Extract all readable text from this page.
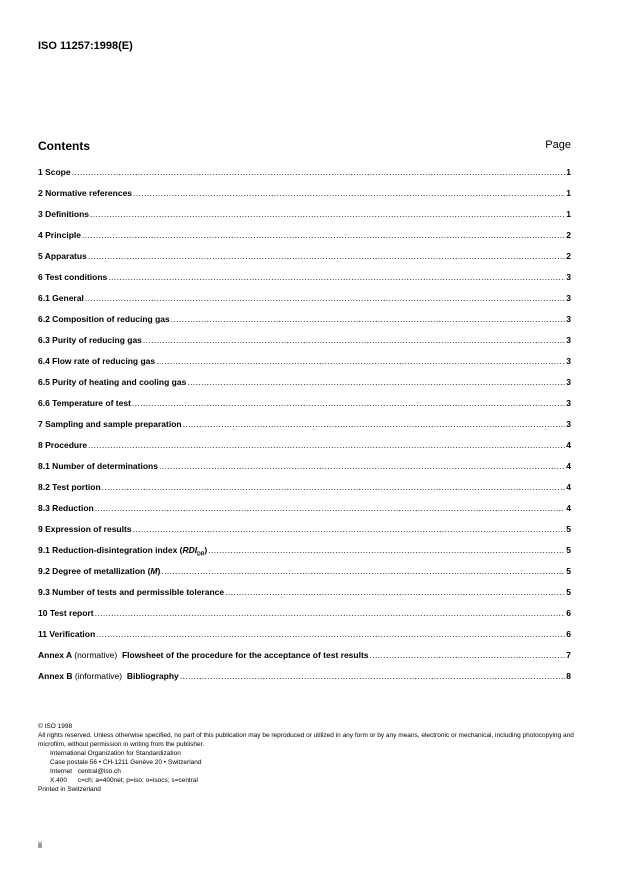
ISO 11257:1998(E)
Contents	Page
1 Scope .....	1
2 Normative references .....	1
3 Definitions .....	1
4 Principle .....	2
5 Apparatus .....	2
6 Test conditions .....	3
6.1 General .....	3
6.2 Composition of reducing gas .....	3
6.3 Purity of reducing gas .....	3
6.4 Flow rate of reducing gas .....	3
6.5 Purity of heating and cooling gas .....	3
6.6 Temperature of test .....	3
7 Sampling and sample preparation .....	3
8 Procedure .....	4
8.1 Number of determinations .....	4
8.2 Test portion .....	4
8.3 Reduction .....	4
9 Expression of results .....	5
9.1 Reduction-disintegration index $(RDI_{DR})$ .....	5
9.2 Degree of metallization (M) .....	5
9.3 Number of tests and permissible tolerance .....	5
10 Test report .....	6
11 Verification .....	6
Annex A (normative) Flowsheet of the procedure for the acceptance of test results .....	7
Annex B (informative) Bibliography .....	8
© ISO 1998
All rights reserved. Unless otherwise specified, no part of this publication may be reproduced or utilized in any form or by any means, electronic or mechanical, including photocopying and microfilm, without permission in writing from the publisher.
International Organization for Standardization
Case postale 56 • CH-1211 Genève 20 • Switzerland
Internet central@iso.ch
X.400 c=ch; a=400net; p=iso; o=isocs; s=central
Printed in Switzerland
ii
